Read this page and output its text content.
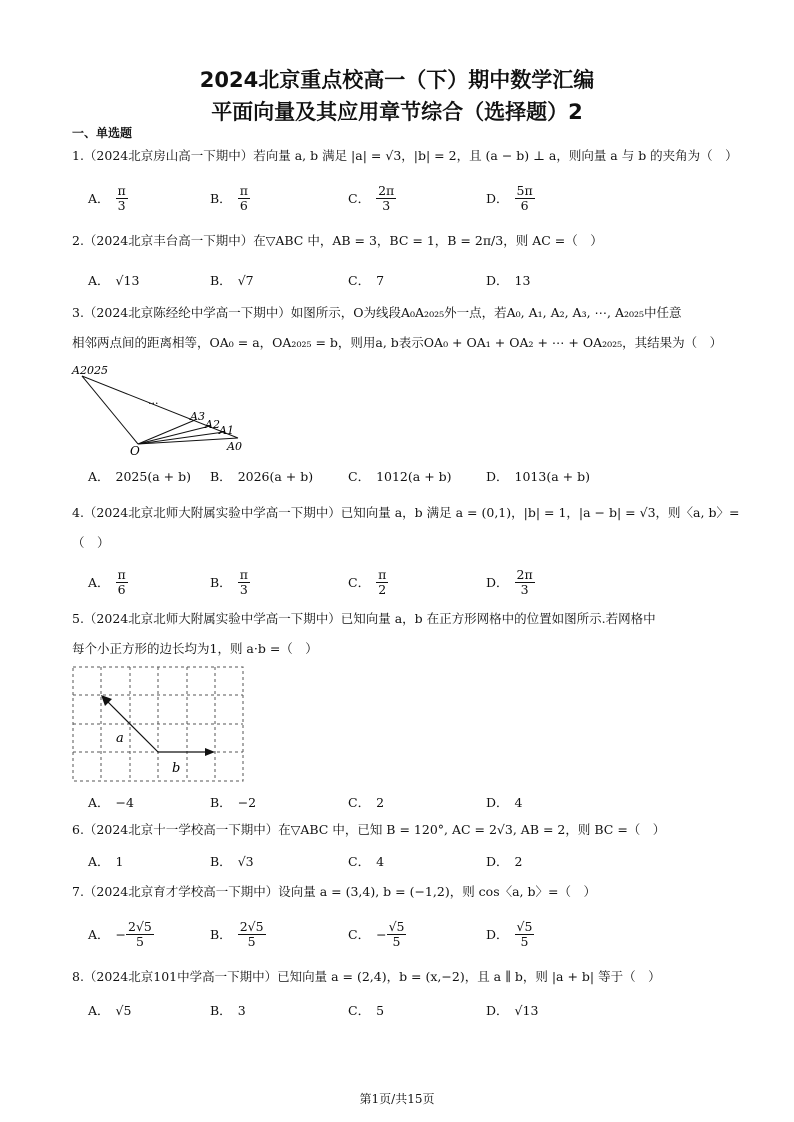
2024北京重点校高一（下）期中数学汇编
平面向量及其应用章节综合（选择题）2
一、单选题
1.（2024北京房山高一下期中）若向量 a, b 满足 |a| = √3，|b| = 2，且 (a − b) ⊥ a，则向量 a 与 b 的夹角为（　）
A． $\frac{\pi}{3}$	B． $\frac{\pi}{6}$	C． $\frac{2\pi}{3}$	D． $\frac{5\pi}{6}$
2.（2024北京丰台高一下期中）在▽ABC 中，AB = 3，BC = 1，B = 2π/3，则 AC =（　）
A． √13	B． √7	C． 7	D． 13
3.（2024北京陈经纶中学高一下期中）如图所示，O为线段A₀A₂₀₂₅外一点，若A₀, A₁, A₂, A₃, ⋯, A₂₀₂₅中任意
相邻两点间的距离相等，OA₀ = a，OA₂₀₂₅ = b，则用a, b表示OA₀ + OA₁ + OA₂ + ⋯ + OA₂₀₂₅，其结果为（　）
A2025
...
A3
A2 A1
A0
O
A． 2025(a + b) B． 2026(a + b)	C． 1012(a + b)	D． 1013(a + b)
4.（2024北京北师大附属实验中学高一下期中）已知向量 a，b 满足 a = (0,1)，|b| = 1，|a − b| = √3，则〈a, b〉=
（　）
A． $\frac{\pi}{6}$	B． $\frac{\pi}{3}$	C． $\frac{\pi}{2}$	D． $\frac{2\pi}{3}$
5.（2024北京北师大附属实验中学高一下期中）已知向量 a，b 在正方形网格中的位置如图所示.若网格中
每个小正方形的边长均为1，则 a·b =（　）
a
b
A． −4	B． −2	C． 2	D． 4
6.（2024北京十一学校高一下期中）在▽ABC 中，已知 B = 120°, AC = 2√3, AB = 2，则 BC =（　）
A． 1	B． √3	C． 4	D． 2
7.（2024北京育才学校高一下期中）设向量 a = (3,4), b = (−1,2)，则 cos〈a, b〉=（　）
A． − $\frac{2√5}{5}$	B． $\frac{2√5}{5}$	C． − $\frac{√5}{5}$	D． $\frac{√5}{5}$
8.（2024北京101中学高一下期中）已知向量 a = (2,4)，b = (x,−2)，且 a ∥ b，则 |a + b| 等于（　）
A． √5	B． 3	C． 5	D． √13
第1页/共15页
